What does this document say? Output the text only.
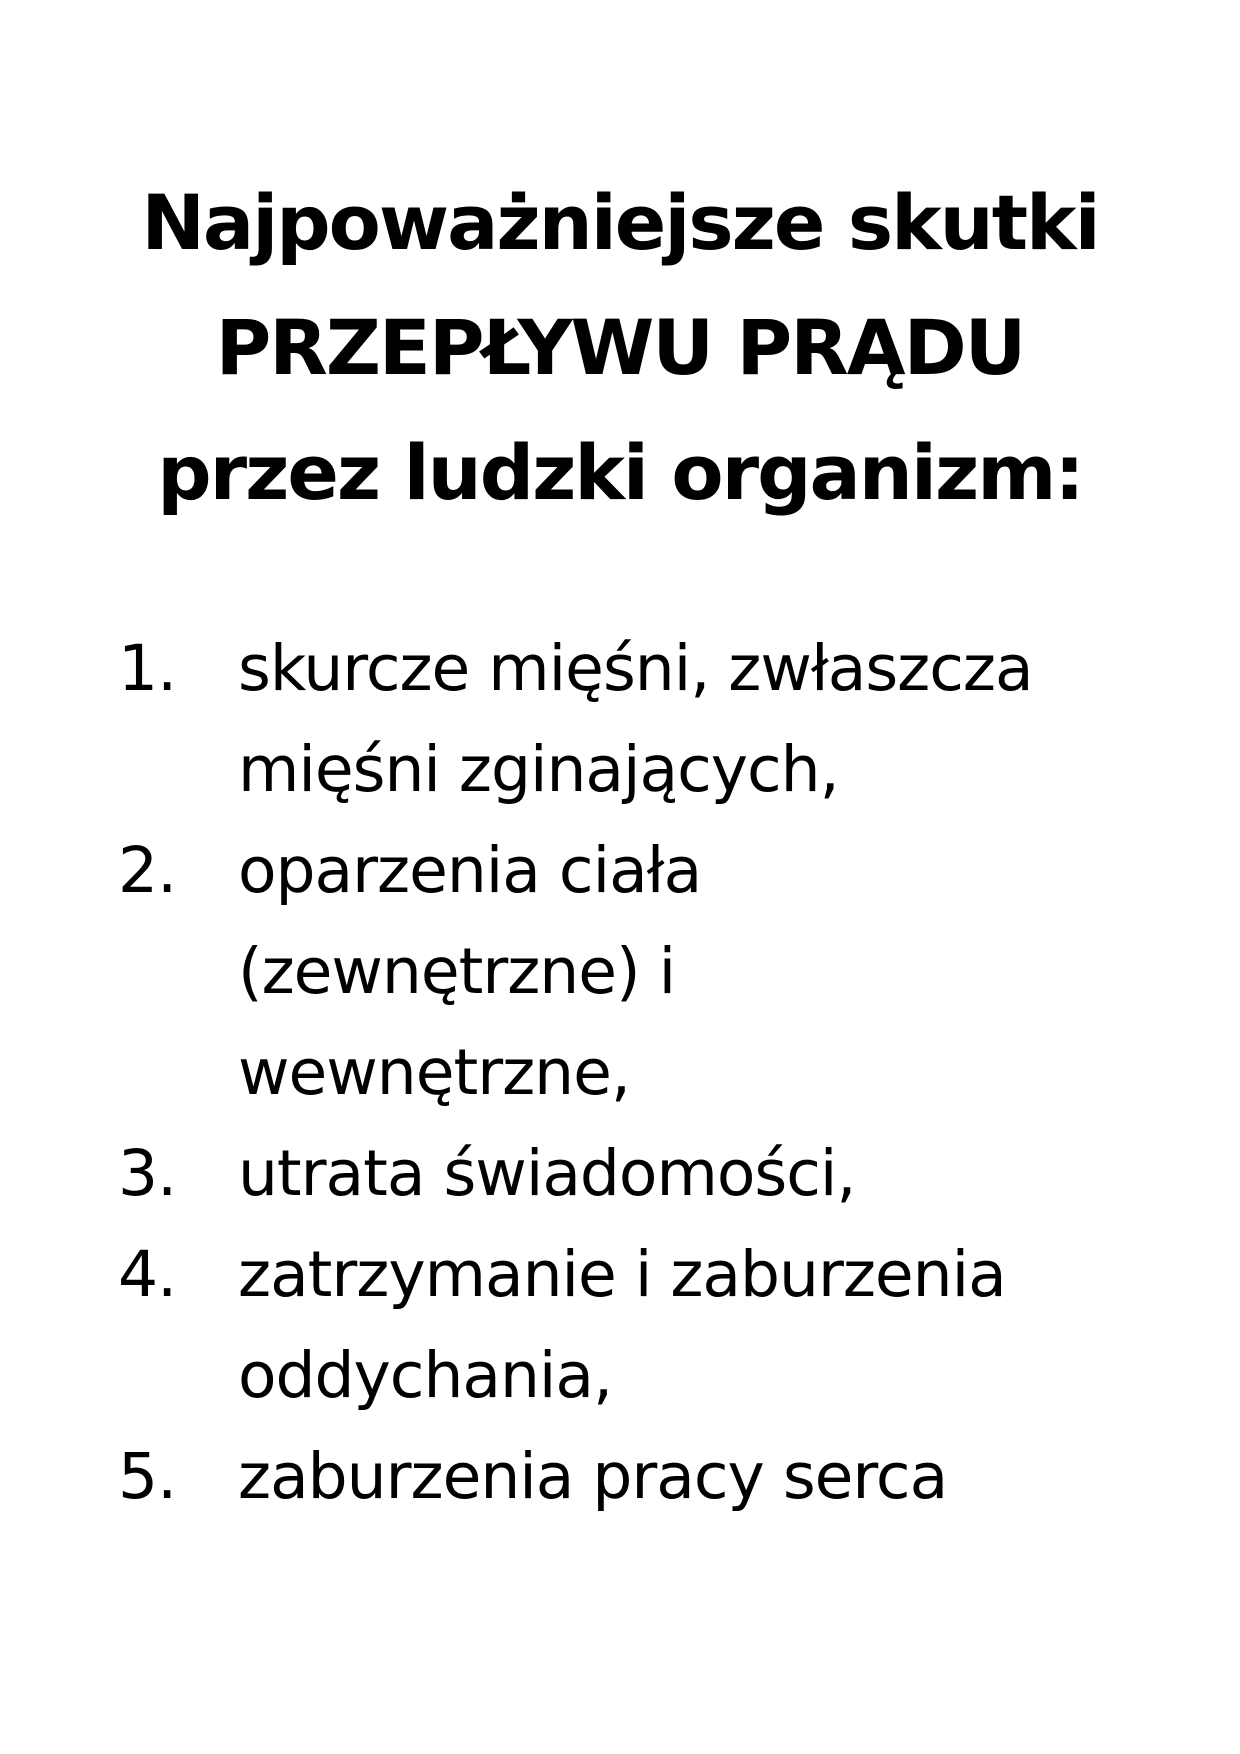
Najpoważniejsze skutki
PRZEPŁYWU PRĄDU
przez ludzki organizm:
1. skurcze mięśni, zwłaszcza
mięśni zginających,
2. oparzenia ciała
(zewnętrzne) i
wewnętrzne,
3. utrata świadomości,
4. zatrzymanie i zaburzenia
oddychania,
5. zaburzenia pracy serca
